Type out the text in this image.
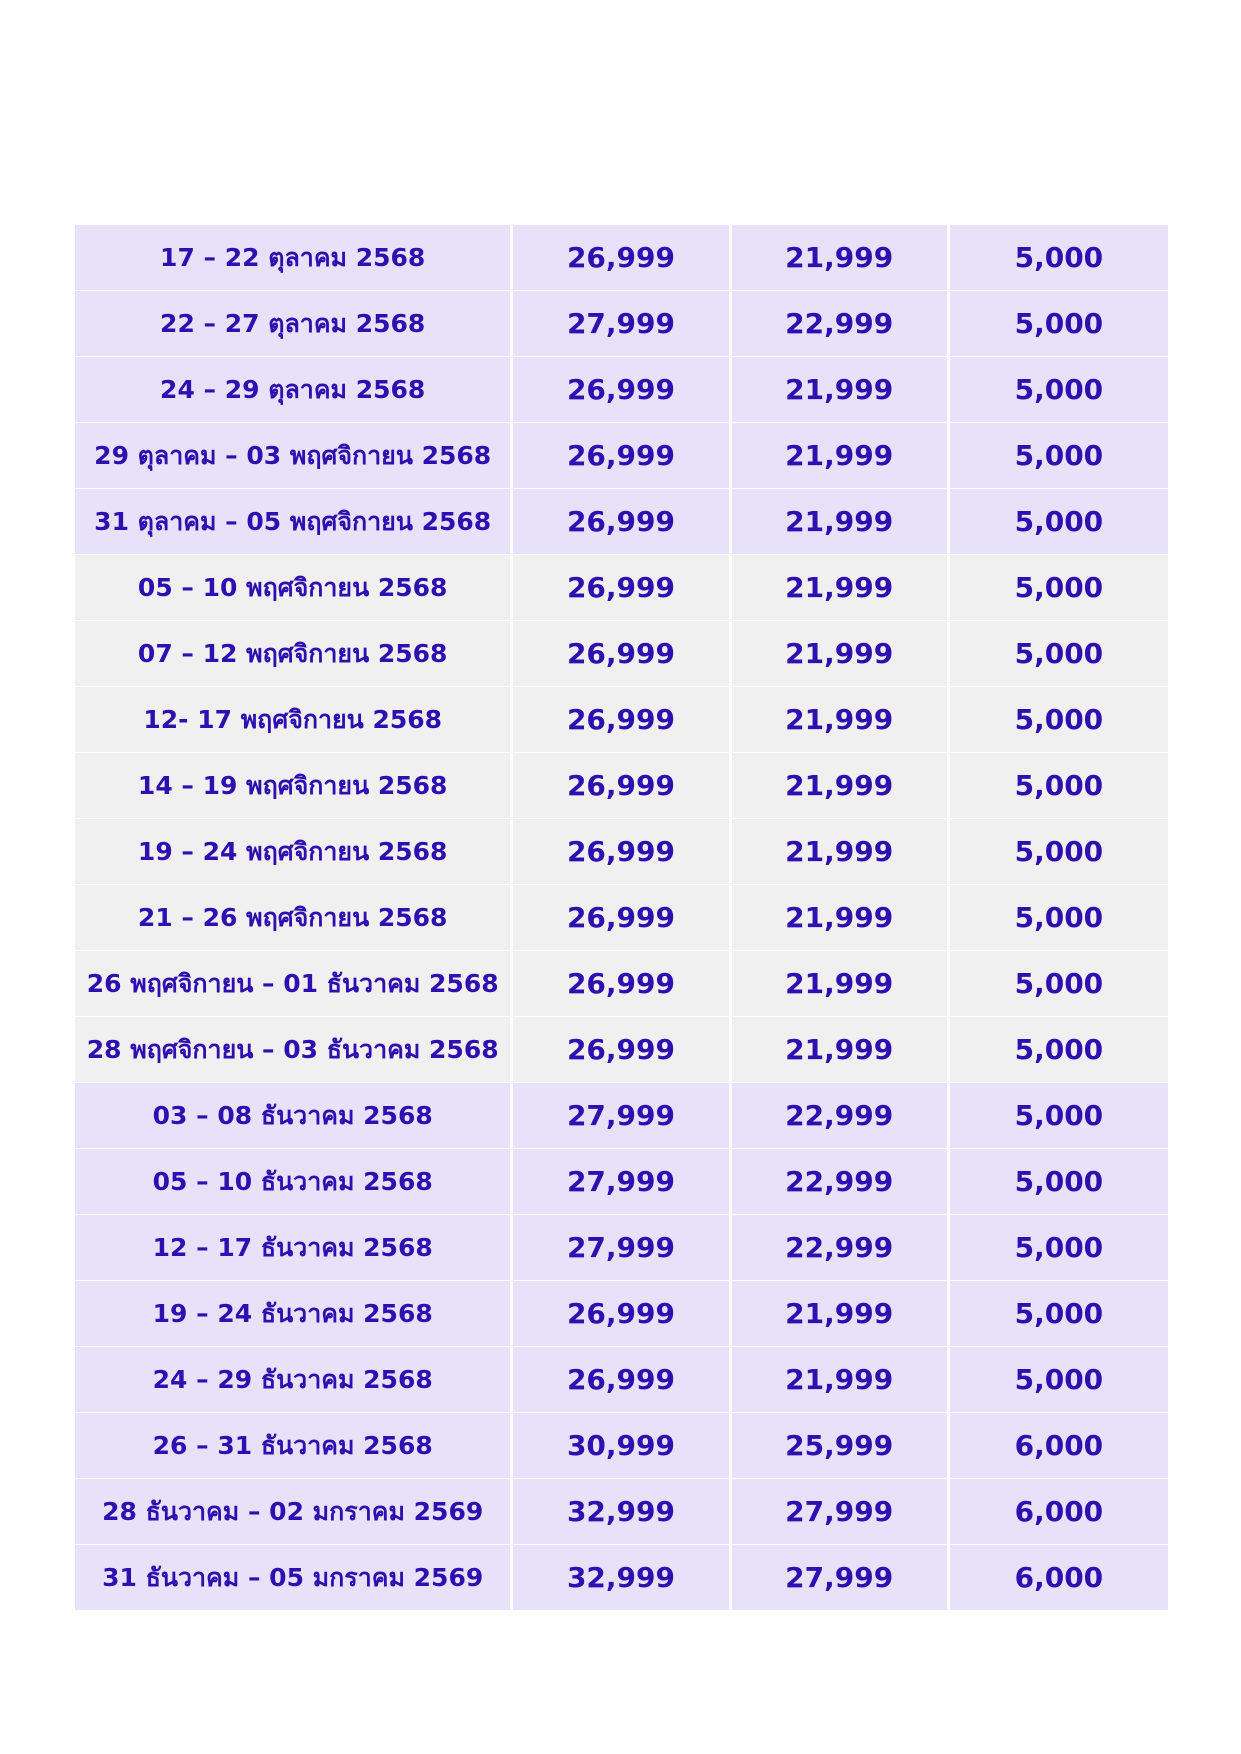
17 – 22 ตุลาคม 2568	26,999	21,999	5,000
22 – 27 ตุลาคม 2568	27,999	22,999	5,000
24 – 29 ตุลาคม 2568	26,999	21,999	5,000
29 ตุลาคม – 03 พฤศจิกายน 2568	26,999	21,999	5,000
31 ตุลาคม – 05 พฤศจิกายน 2568	26,999	21,999	5,000
05 – 10 พฤศจิกายน 2568	26,999	21,999	5,000
07 – 12 พฤศจิกายน 2568	26,999	21,999	5,000
12- 17 พฤศจิกายน 2568	26,999	21,999	5,000
14 – 19 พฤศจิกายน 2568	26,999	21,999	5,000
19 – 24 พฤศจิกายน 2568	26,999	21,999	5,000
21 – 26 พฤศจิกายน 2568	26,999	21,999	5,000
26 พฤศจิกายน – 01 ธันวาคม 2568	26,999	21,999	5,000
28 พฤศจิกายน – 03 ธันวาคม 2568	26,999	21,999	5,000
03 – 08 ธันวาคม 2568	27,999	22,999	5,000
05 – 10 ธันวาคม 2568	27,999	22,999	5,000
12 – 17 ธันวาคม 2568	27,999	22,999	5,000
19 – 24 ธันวาคม 2568	26,999	21,999	5,000
24 – 29 ธันวาคม 2568	26,999	21,999	5,000
26 – 31 ธันวาคม 2568	30,999	25,999	6,000
28 ธันวาคม – 02 มกราคม 2569	32,999	27,999	6,000
31 ธันวาคม – 05 มกราคม 2569	32,999	27,999	6,000
